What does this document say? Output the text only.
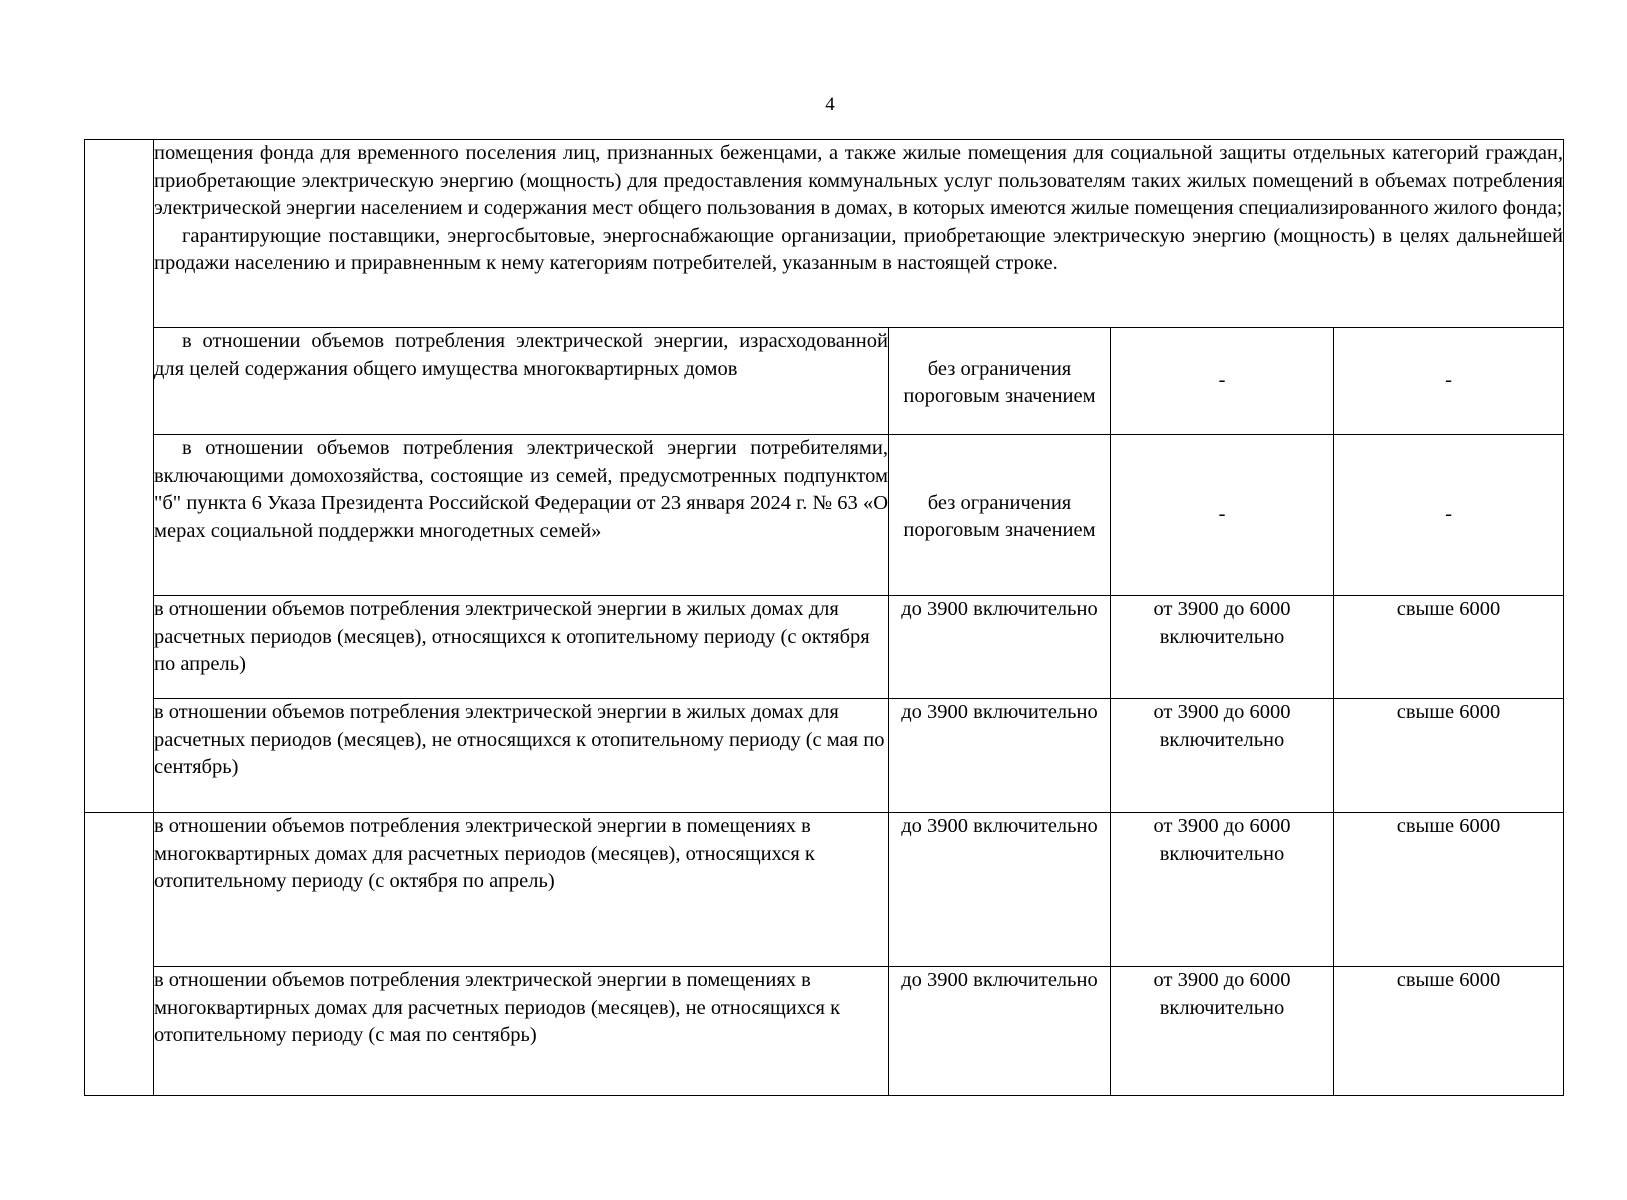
4

	помещения фонда для временного поселения лиц, признанных беженцами, а также жилые помещения для социальной защиты отдельных категорий граждан, приобретающие электрическую энергию (мощность) для предоставления коммунальных услуг пользователям таких жилых помещений в объемах потребления электрической энергии населением и содержания мест общего пользования в домах, в которых имеются жилые помещения специализированного жилого фонда;

гарантирующие поставщики, энергосбытовые, энергоснабжающие организации, приобретающие электрическую энергию (мощность) в целях дальнейшей продажи населению и приравненным к нему категориям потребителей, указанным в настоящей строке.			

	в отношении объемов потребления электрической энергии, израсходованной для целей содержания общего имущества многоквартирных домов	без ограничения пороговым значением	-	-
	в отношении объемов потребления электрической энергии потребителями, включающими домохозяйства, состоящие из семей, предусмотренных подпунктом "б" пункта 6 Указа Президента Российской Федерации от 23 января 2024 г. № 63 «О мерах социальной поддержки многодетных семей»	без ограничения пороговым значением	-	-
	в отношении объемов потребления электрической энергии в жилых домах для расчетных периодов (месяцев), относящихся к отопительному периоду (с октября по апрель)	до 3900 включительно	от 3900 до 6000 включительно	свыше 6000
	в отношении объемов потребления электрической энергии в жилых домах для расчетных периодов (месяцев), не относящихся к отопительному периоду (с мая по сентябрь)	до 3900 включительно	от 3900 до 6000 включительно	свыше 6000
	в отношении объемов потребления электрической энергии в помещениях в многоквартирных домах для расчетных периодов (месяцев), относящихся к отопительному периоду (с октября по апрель)	до 3900 включительно	от 3900 до 6000 включительно	свыше 6000
	в отношении объемов потребления электрической энергии в помещениях в многоквартирных домах для расчетных периодов (месяцев), не относящихся к отопительному периоду (с мая по сентябрь)	до 3900 включительно	от 3900 до 6000 включительно	свыше 6000
